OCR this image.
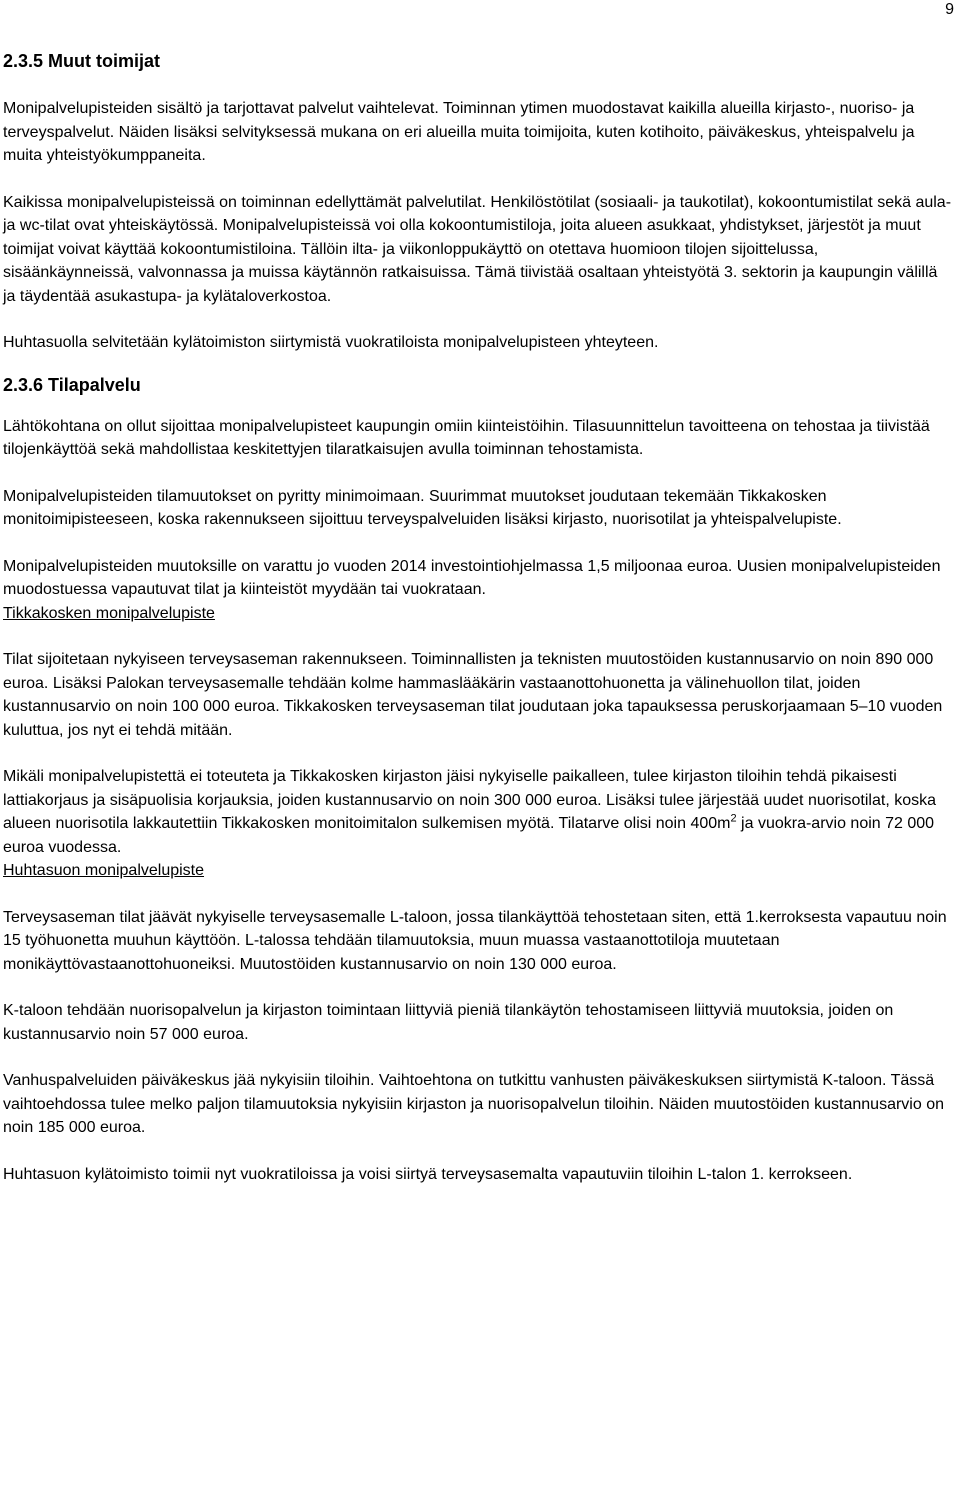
9
2.3.5 Muut toimijat

Monipalvelupisteiden sisältö ja tarjottavat palvelut vaihtelevat. Toiminnan ytimen muodostavat kaikilla alueilla kirjasto-, nuoriso- ja terveyspalvelut. Näiden lisäksi selvityksessä mukana on eri alueilla muita toimijoita, kuten kotihoito, päiväkeskus, yhteispalvelu ja muita yhteistyökumppaneita.

Kaikissa monipalvelupisteissä on toiminnan edellyttämät palvelutilat. Henkilöstötilat (sosiaali- ja taukotilat), kokoontumistilat sekä aula- ja wc-tilat ovat yhteiskäytössä. Monipalvelupisteissä voi olla kokoontumistiloja, joita alueen asukkaat, yhdistykset, järjestöt ja muut toimijat voivat käyttää kokoontumistiloina. Tällöin ilta- ja viikonloppukäyttö on otettava huomioon tilojen sijoittelussa, sisäänkäynneissä, valvonnassa ja muissa käytännön ratkaisuissa. Tämä tiivistää osaltaan yhteistyötä 3. sektorin ja kaupungin välillä ja täydentää asukastupa- ja kylätaloverkostoa.

Huhtasuolla selvitetään kylätoimiston siirtymistä vuokratiloista monipalvelupisteen yhteyteen.

2.3.6 Tilapalvelu

Lähtökohtana on ollut sijoittaa monipalvelupisteet kaupungin omiin kiinteistöihin. Tilasuunnittelun tavoitteena on tehostaa ja tiivistää tilojenkäyttöä sekä mahdollistaa keskitettyjen tilaratkaisujen avulla toiminnan tehostamista.

Monipalvelupisteiden tilamuutokset on pyritty minimoimaan. Suurimmat muutokset joudutaan tekemään Tikkakosken monitoimipisteeseen, koska rakennukseen sijoittuu terveyspalveluiden lisäksi kirjasto, nuorisotilat ja yhteispalvelupiste.

Monipalvelupisteiden muutoksille on varattu jo vuoden 2014 investointiohjelmassa 1,5 miljoonaa euroa. Uusien monipalvelupisteiden muodostuessa vapautuvat tilat ja kiinteistöt myydään tai vuokrataan.

Tikkakosken monipalvelupiste

Tilat sijoitetaan nykyiseen terveysaseman rakennukseen. Toiminnallisten ja teknisten muutostöiden kustannusarvio on noin 890 000 euroa. Lisäksi Palokan terveysasemalle tehdään kolme hammaslääkärin vastaanottohuonetta ja välinehuollon tilat, joiden kustannusarvio on noin 100 000 euroa. Tikkakosken terveysaseman tilat joudutaan joka tapauksessa peruskorjaamaan 5–10 vuoden kuluttua, jos nyt ei tehdä mitään.

Mikäli monipalvelupistettä ei toteuteta ja Tikkakosken kirjaston jäisi nykyiselle paikalleen, tulee kirjaston tiloihin tehdä pikaisesti lattiakorjaus ja sisäpuolisia korjauksia, joiden kustannusarvio on noin 300 000 euroa. Lisäksi tulee järjestää uudet nuorisotilat, koska alueen nuorisotila lakkautettiin Tikkakosken monitoimitalon sulkemisen myötä. Tilatarve olisi noin $400m^2$ ja vuokra-arvio noin 72 000 euroa vuodessa.

Huhtasuon monipalvelupiste

Terveysaseman tilat jäävät nykyiselle terveysasemalle L-taloon, jossa tilankäyttöä tehostetaan siten, että 1.kerroksesta vapautuu noin 15 työhuonetta muuhun käyttöön. L-talossa tehdään tilamuutoksia, muun muassa vastaanottotiloja muutetaan monikäyttövastaanottohuoneiksi. Muutostöiden kustannusarvio on noin 130 000 euroa.

K-taloon tehdään nuorisopalvelun ja kirjaston toimintaan liittyviä pieniä tilankäytön tehostamiseen liittyviä muutoksia, joiden on kustannusarvio noin 57 000 euroa.

Vanhuspalveluiden päiväkeskus jää nykyisiin tiloihin. Vaihtoehtona on tutkittu vanhusten päiväkeskuksen siirtymistä K-taloon. Tässä vaihtoehdossa tulee melko paljon tilamuutoksia nykyisiin kirjaston ja nuorisopalvelun tiloihin. Näiden muutostöiden kustannusarvio on noin 185 000 euroa.

Huhtasuon kylätoimisto toimii nyt vuokratiloissa ja voisi siirtyä terveysasemalta vapautuviin tiloihin L-talon 1. kerrokseen.
